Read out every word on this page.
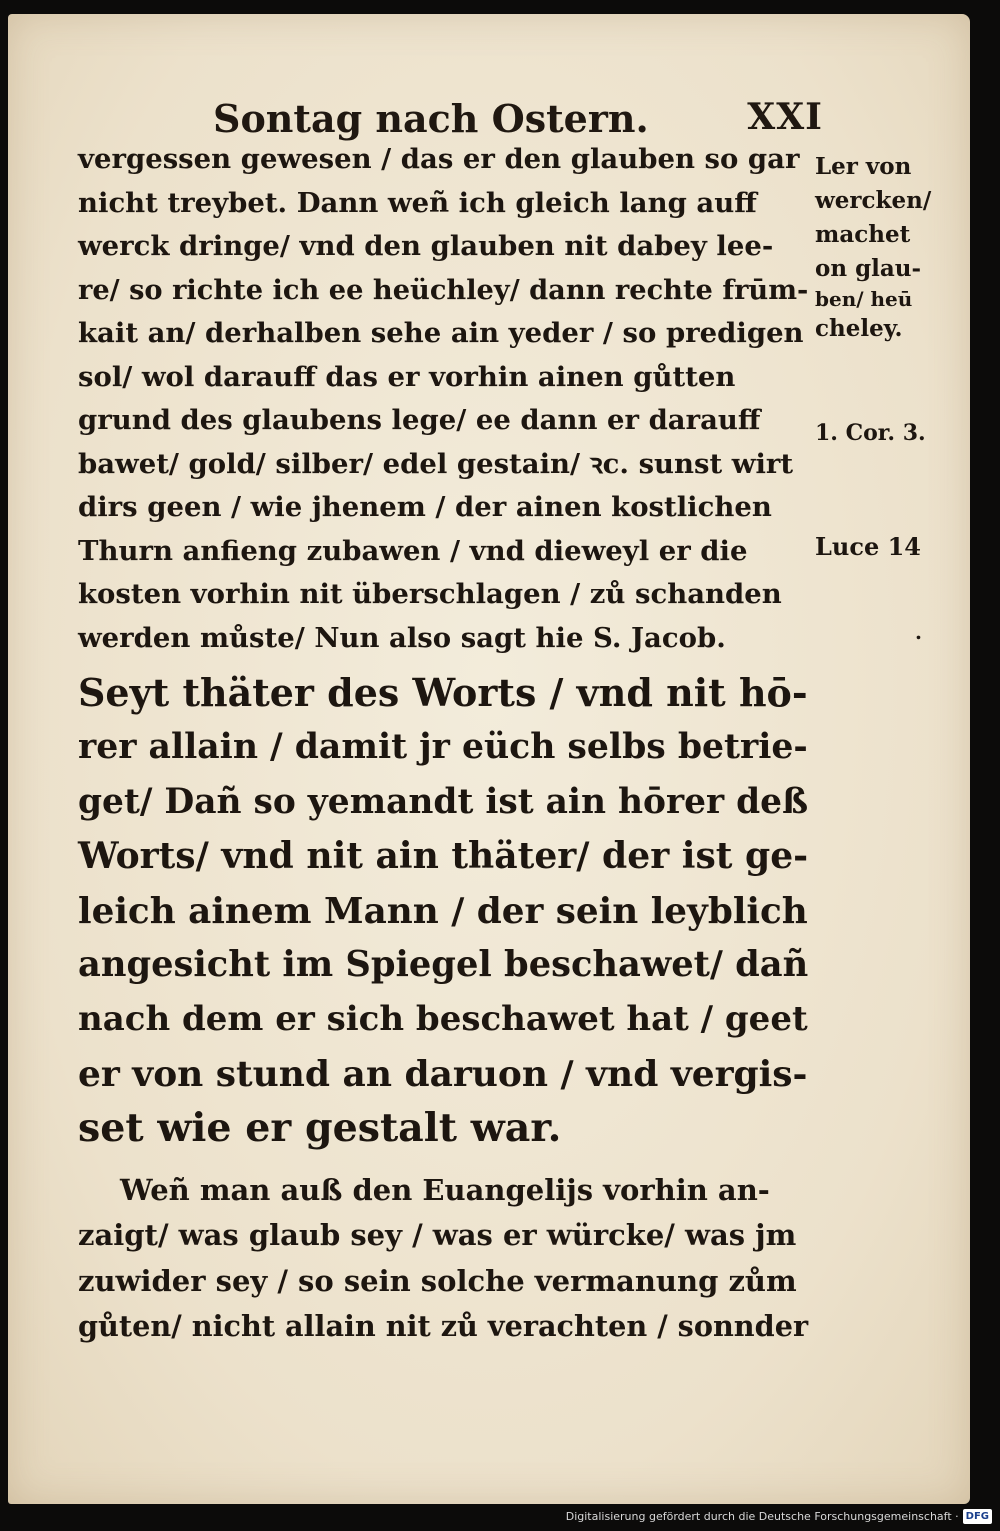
Sontag nach Ostern.	XXI
vergessen gewesen / das er den glauben so gar
nicht treybet. Dann weñ ich gleich lang auff
werck dringe/ vnd den glauben nit dabey lee-
re/ so richte ich ee heüchley/ dann rechte frūm-
kait an/ derhalben sehe ain yeder / so predigen
sol/ wol darauff das er vorhin ainen gůtten
grund des glaubens lege/ ee dann er darauff
bawet/ gold/ silber/ edel gestain/ ꝛc. sunst wirt
dirs geen / wie jhenem / der ainen kostlichen
Thurn anfieng zubawen / vnd dieweyl er die
kosten vorhin nit überschlagen / zů schanden
werden můste/ Nun also sagt hie S. Jacob.
Seyt thäter des Worts / vnd nit hō-
rer allain / damit jr eüch selbs betrie-
get/ Dañ so yemandt ist ain hōrer deß
Worts/ vnd nit ain thäter/ der ist ge-
leich ainem Mann / der sein leyblich
angesicht im Spiegel beschawet/ dañ
nach dem er sich beschawet hat / geet
er von stund an daruon / vnd vergis-
set wie er gestalt war.
Weñ man auß den Euangelijs vorhin an-
zaigt/ was glaub sey / was er würcke/ was jm
zuwider sey / so sein solche vermanung zům
gůten/ nicht allain nit zů verachten / sonnder
Ler von
wercken/
machet
on glau-
ben/ heū
cheley.
1. Cor. 3.
Luce 14
.
Digitalisierung gefördert durch die Deutsche Forschungsgemeinschaft · DFG
